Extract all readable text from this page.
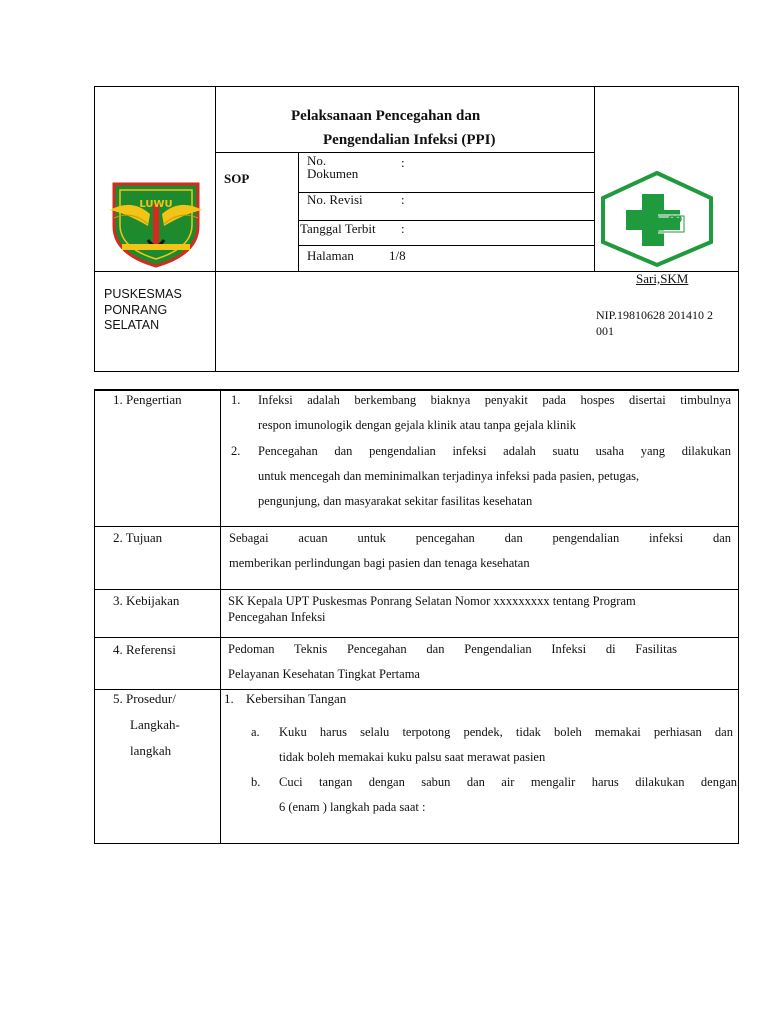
LUWU
Pelaksanaan Pencegahan dan
Pengendalian Infeksi (PPI)
SOP
No.	:
Dokumen
No. Revisi	:
Tanggal Terbit :
Halaman	1/8
PUSKESMAS
PONRANG
SELATAN
Sari,SKM
NIP.19810628 201410 2
001
1. Pengertian	1. Infeksi adalah berkembang biaknya penyakit pada hospes disertai timbulnya
respon imunologik dengan gejala klinik atau tanpa gejala klinik
2. Pencegahan dan pengendalian infeksi adalah suatu usaha yang dilakukan
untuk mencegah dan meminimalkan terjadinya infeksi pada pasien, petugas,
pengunjung, dan masyarakat sekitar fasilitas kesehatan
2. Tujuan	Sebagai acuan untuk pencegahan dan pengendalian infeksi dan
memberikan perlindungan bagi pasien dan tenaga kesehatan
3. Kebijakan	SK Kepala UPT Puskesmas Ponrang Selatan Nomor xxxxxxxxx tentang Program
Pencegahan Infeksi
4. Referensi	Pedoman Teknis Pencegahan dan Pengendalian Infeksi di Fasilitas
Pelayanan Kesehatan Tingkat Pertama
5. Prosedur/
Langkah-
langkah
1. Kebersihan Tangan
a. Kuku harus selalu terpotong pendek, tidak boleh memakai perhiasan dan
tidak boleh memakai kuku palsu saat merawat pasien
b. Cuci tangan dengan sabun dan air mengalir harus dilakukan dengan
6 (enam ) langkah pada saat :
